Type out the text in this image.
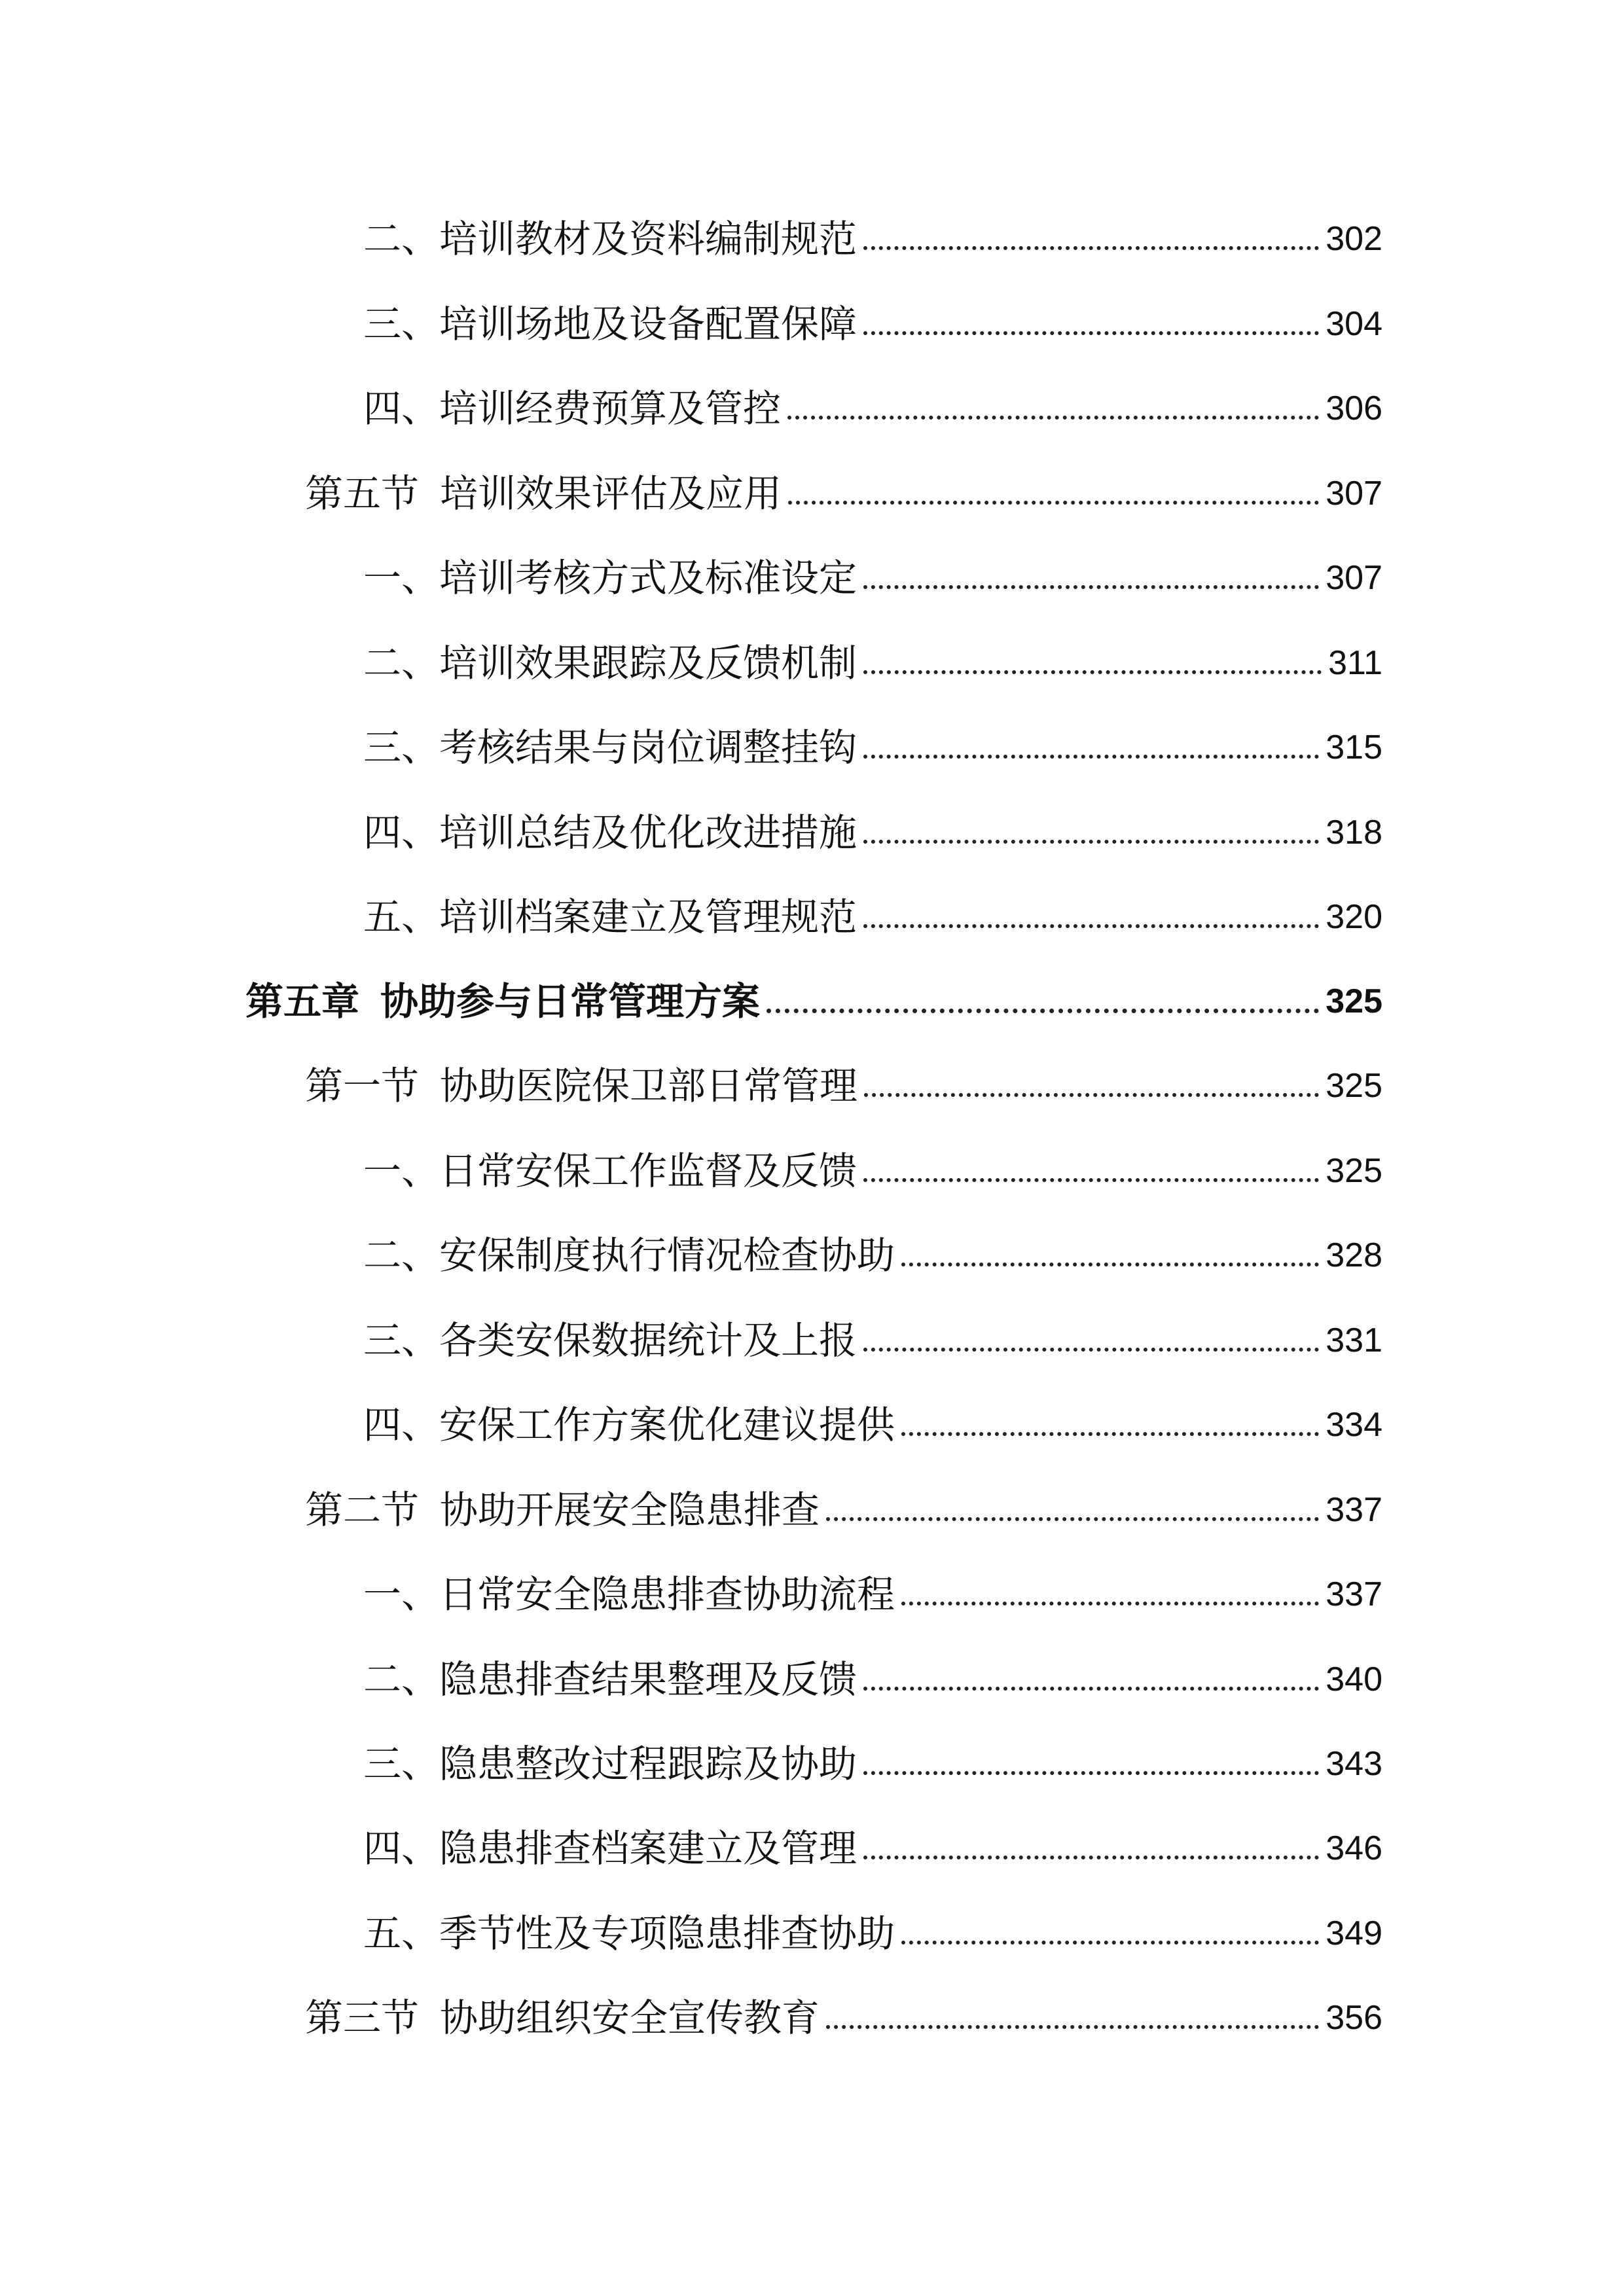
二、培训教材及资料编制规范	302
三、培训场地及设备配置保障	304
四、培训经费预算及管控	306
第五节 培训效果评估及应用	307
一、培训考核方式及标准设定	307
二、培训效果跟踪及反馈机制	311
三、考核结果与岗位调整挂钩	315
四、培训总结及优化改进措施	318
五、培训档案建立及管理规范	320
第五章 协助参与日常管理方案	325
第一节 协助医院保卫部日常管理	325
一、日常安保工作监督及反馈	325
二、安保制度执行情况检查协助	328
三、各类安保数据统计及上报	331
四、安保工作方案优化建议提供	334
第二节 协助开展安全隐患排查	337
一、日常安全隐患排查协助流程	337
二、隐患排查结果整理及反馈	340
三、隐患整改过程跟踪及协助	343
四、隐患排查档案建立及管理	346
五、季节性及专项隐患排查协助	349
第三节 协助组织安全宣传教育	356
